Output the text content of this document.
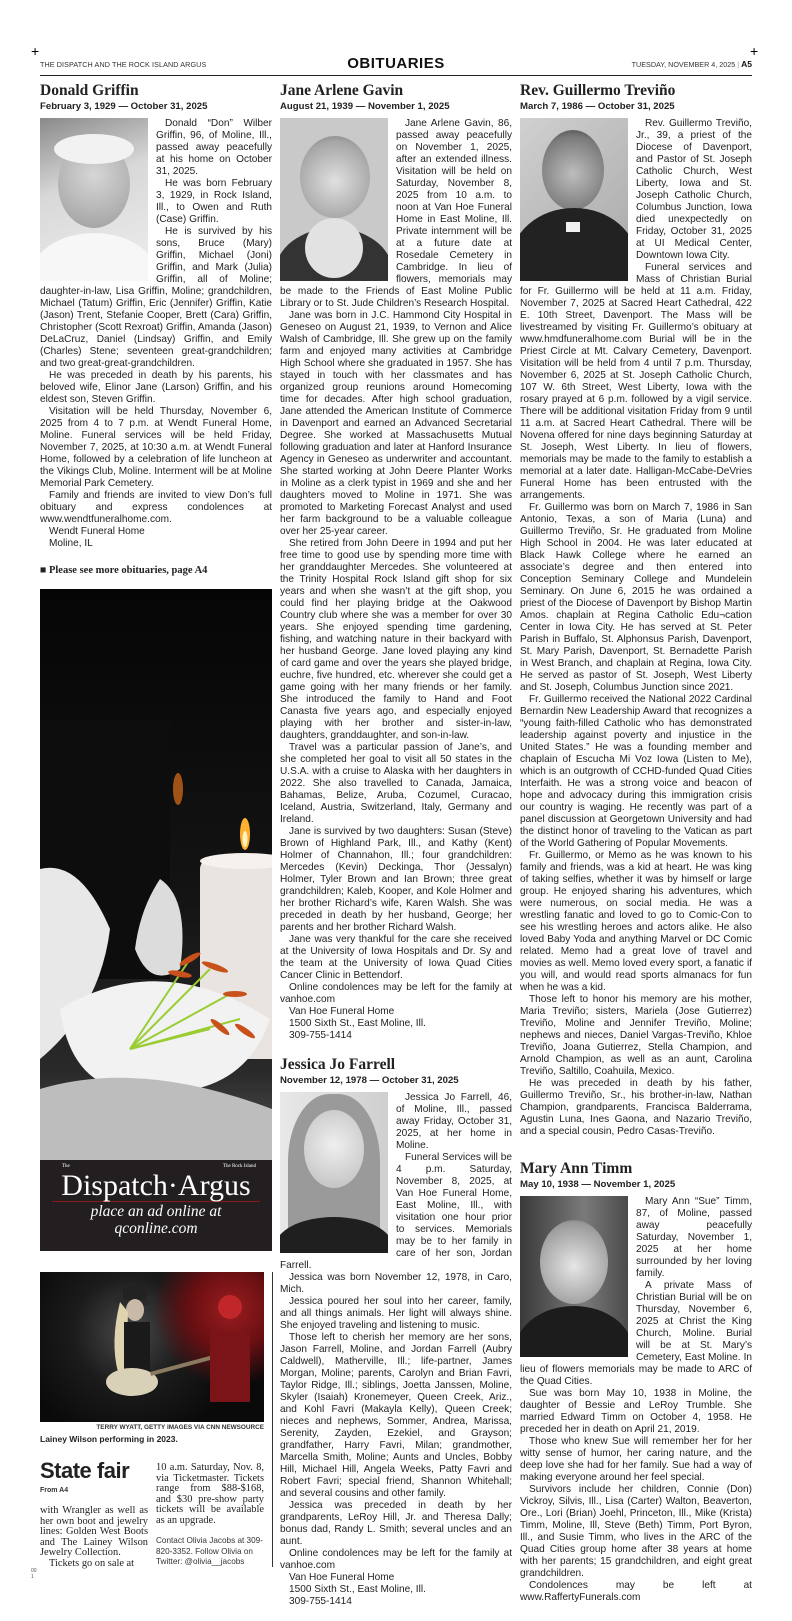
+	+
THE DISPATCH AND THE ROCK ISLAND ARGUS	OBITUARIES	TUESDAY, NOVEMBER 4, 2025 | A5
Donald Griffin
February 3, 1929 — October 31, 2025

Donald “Don” Wilber Griffin, 96, of Moline, Ill., passed away peacefully at his home on October 31, 2025.

He was born February 3, 1929, in Rock Island, Ill., to Owen and Ruth (Case) Griffin.

He is survived by his sons, Bruce (Mary) Griffin, Michael (Joni) Griffin, and Mark (Julia) Griffin, all of Moline; daughter-in-law, Lisa Griffin, Moline; grandchildren, Michael (Tatum) Griffin, Eric (Jennifer) Griffin, Katie (Jason) Trent, Stefanie Cooper, Brett (Cara) Griffin, Christopher (Scott Rexroat) Griffin, Amanda (Jason) DeLaCruz, Daniel (Lindsay) Griffin, and Emily (Charles) Stene; seventeen great-grandchildren; and two great-great-grandchildren.

He was preceded in death by his parents, his beloved wife, Elinor Jane (Larson) Griffin, and his eldest son, Steven Griffin.

Visitation will be held Thursday, November 6, 2025 from 4 to 7 p.m. at Wendt Funeral Home, Moline. Funeral services will be held Friday, November 7, 2025, at 10:30 a.m. at Wendt Funeral Home, followed by a celebration of life luncheon at the Vikings Club, Moline. Interment will be at Moline Memorial Park Cemetery.

Family and friends are invited to view Don’s full obituary and express condolences at www.wendtfuneralhome.com.

Wendt Funeral Home

Moline, IL

■ Please see more obituaries, page A4
The	The Rock Island
Dispatch·Argus
place an ad online at
qconline.com
TERRY WYATT, GETTY IMAGES VIA CNN NEWSOURCE
Lainey Wilson performing in 2023.
State fair
From A4
with Wrangler as well as her own boot and jewelry lines: Golden West Boots and The Lainey Wilson Jewelry Collection.
Tickets go on sale at
10 a.m. Saturday, Nov. 8, via Ticketmaster. Tickets range from $88-$168, and $30 pre-show party tickets will be available as an upgrade.
Contact Olivia Jacobs at 309-820-3352. Follow Olivia on Twitter: @olivia__jacobs
00
1
Jane Arlene Gavin
August 21, 1939 — November 1, 2025

Jane Arlene Gavin, 86, passed away peacefully on November 1, 2025, after an extended illness. Visitation will be held on Saturday, November 8, 2025 from 10 a.m. to noon at Van Hoe Funeral Home in East Moline, Ill. Private internment will be at a future date at Rosedale Cemetery in Cambridge. In lieu of flowers, memorials may be made to the Friends of East Moline Public Library or to St. Jude Children’s Research Hospital.

Jane was born in J.C. Hammond City Hospital in Geneseo on August 21, 1939, to Vernon and Alice Walsh of Cambridge, Ill. She grew up on the family farm and enjoyed many activities at Cambridge High School where she graduated in 1957. She has stayed in touch with her classmates and has organized group reunions around Homecoming time for decades. After high school graduation, Jane attended the American Institute of Commerce in Davenport and earned an Advanced Secretarial Degree. She worked at Massachusetts Mutual following graduation and later at Hanford Insurance Agency in Geneseo as underwriter and accountant. She started working at John Deere Planter Works in Moline as a clerk typist in 1969 and she and her daughters moved to Moline in 1971. She was promoted to Marketing Forecast Analyst and used her farm background to be a valuable colleague over her 25-year career.

She retired from John Deere in 1994 and put her free time to good use by spending more time with her granddaughter Mercedes. She volunteered at the Trinity Hospital Rock Island gift shop for six years and when she wasn’t at the gift shop, you could find her playing bridge at the Oakwood Country club where she was a member for over 30 years. She enjoyed spending time gardening, fishing, and watching nature in their backyard with her husband George. Jane loved playing any kind of card game and over the years she played bridge, euchre, five hundred, etc. wherever she could get a game going with her many friends or her family. She introduced the family to Hand and Foot Canasta five years ago, and especially enjoyed playing with her brother and sister-in-law, daughters, granddaughter, and son-in-law.

Travel was a particular passion of Jane’s, and she completed her goal to visit all 50 states in the U.S.A. with a cruise to Alaska with her daughters in 2022. She also travelled to Canada, Jamaica, Bahamas, Belize, Aruba, Cozumel, Curacao, Iceland, Austria, Switzerland, Italy, Germany and Ireland.

Jane is survived by two daughters: Susan (Steve) Brown of Highland Park, Ill., and Kathy (Kent) Holmer of Channahon, Ill.; four grandchildren: Mercedes (Kevin) Deckinga, Thor (Jessalyn) Holmer, Tyler Brown and Ian Brown; three great grandchildren; Kaleb, Kooper, and Kole Holmer and her brother Richard’s wife, Karen Walsh. She was preceded in death by her husband, George; her parents and her brother Richard Walsh.

Jane was very thankful for the care she received at the University of Iowa Hospitals and Dr. Sy and the team at the University of Iowa Quad Cities Cancer Clinic in Bettendorf.

Online condolences may be left for the family at vanhoe.com

Van Hoe Funeral Home

1500 Sixth St., East Moline, Ill.

309-755-1414

Jessica Jo Farrell
November 12, 1978 — October 31, 2025

Jessica Jo Farrell, 46, of Moline, Ill., passed away Friday, October 31, 2025, at her home in Moline.

Funeral Services will be 4 p.m. Saturday, November 8, 2025, at Van Hoe Funeral Home, East Moline, Ill., with visitation one hour prior to services. Memorials may be to her family in care of her son, Jordan Farrell.

Jessica was born November 12, 1978, in Caro, Mich.

Jessica poured her soul into her career, family, and all things animals. Her light will always shine. She enjoyed traveling and listening to music.

Those left to cherish her memory are her sons, Jason Farrell, Moline, and Jordan Farrell (Aubry Caldwell), Matherville, Ill.; life-partner, James Morgan, Moline; parents, Carolyn and Brian Favri, Taylor Ridge, Ill.; siblings, Joetta Janssen, Moline, Skyler (Isaiah) Kronemeyer, Queen Creek, Ariz., and Kohl Favri (Makayla Kelly), Queen Creek; nieces and nephews, Sommer, Andrea, Marissa, Serenity, Zayden, Ezekiel, and Grayson; grandfather, Harry Favri, Milan; grandmother, Marcella Smith, Moline; Aunts and Uncles, Bobby Hill, Michael Hill, Angela Weeks, Patty Favri and Robert Favri; special friend, Shannon Whitehall; and several cousins and other family.

Jessica was preceded in death by her grandparents, LeRoy Hill, Jr. and Theresa Dally; bonus dad, Randy L. Smith; several uncles and an aunt.

Online condolences may be left for the family at vanhoe.com

Van Hoe Funeral Home

1500 Sixth St., East Moline, Ill.

309-755-1414

Rev. Guillermo Treviño
March 7, 1986 — October 31, 2025

Rev. Guillermo Treviño, Jr., 39, a priest of the Diocese of Davenport, and Pastor of St. Joseph Catholic Church, West Liberty, Iowa and St. Joseph Catholic Church, Columbus Junction, Iowa died unexpectedly on Friday, October 31, 2025 at UI Medical Center, Downtown Iowa City.

Funeral services and Mass of Christian Burial for Fr. Guillermo will be held at 11 a.m. Friday, November 7, 2025 at Sacred Heart Cathedral, 422 E. 10th Street, Davenport. The Mass will be livestreamed by visiting Fr. Guillermo’s obituary at www.hmdfuneralhome.com Burial will be in the Priest Circle at Mt. Calvary Cemetery, Davenport. Visitation will be held from 4 until 7 p.m. Thursday, November 6, 2025 at St. Joseph Catholic Church, 107 W. 6th Street, West Liberty, Iowa with the rosary prayed at 6 p.m. followed by a vigil service. There will be additional visitation Friday from 9 until 11 a.m. at Sacred Heart Cathedral. There will be Novena offered for nine days beginning Saturday at St. Joseph, West Liberty. In lieu of flowers, memorials may be made to the family to establish a memorial at a later date. Halligan-McCabe-DeVries Funeral Home has been entrusted with the arrangements.

Fr. Guillermo was born on March 7, 1986 in San Antonio, Texas, a son of Maria (Luna) and Guillermo Treviño, Sr. He graduated from Moline High School in 2004. He was later educated at Black Hawk College where he earned an associate’s degree and then entered into Conception Seminary College and Mundelein Seminary. On June 6, 2015 he was ordained a priest of the Diocese of Davenport by Bishop Martin Amos. chaplain at Regina Catholic Edu¬cation Center in Iowa City. He has served at St. Peter Parish in Buffalo, St. Alphonsus Parish, Davenport, St. Mary Parish, Davenport, St. Bernadette Parish in West Branch, and chaplain at Regina, Iowa City. He served as pastor of St. Joseph, West Liberty and St. Joseph, Columbus Junction since 2021.

Fr. Guillermo received the National 2022 Cardinal Bernardin New Leadership Award that recognizes a “young faith-filled Catholic who has demonstrated leadership against poverty and injustice in the United States.” He was a founding member and chaplain of Escucha Mi Voz Iowa (Listen to Me), which is an outgrowth of CCHD-funded Quad Cities Interfaith. He was a strong voice and beacon of hope and advocacy during this immigration crisis our country is waging. He recently was part of a panel discussion at Georgetown University and had the distinct honor of traveling to the Vatican as part of the World Gathering of Popular Movements.

Fr. Guillermo, or Memo as he was known to his family and friends, was a kid at heart. He was king of taking selfies, whether it was by himself or large group. He enjoyed sharing his adventures, which were numerous, on social media. He was a wrestling fanatic and loved to go to Comic-Con to see his wrestling heroes and actors alike. He also loved Baby Yoda and anything Marvel or DC Comic related. Memo had a great love of travel and movies as well. Memo loved every sport, a fanatic if you will, and would read sports almanacs for fun when he was a kid.

Those left to honor his memory are his mother, Maria Treviño; sisters, Mariela (Jose Gutierrez) Treviño, Moline and Jennifer Treviño, Moline; nephews and nieces, Daniel Vargas-Treviño, Khloe Treviño, Joana Gutierrez, Stella Champion, and Arnold Champion, as well as an aunt, Carolina Treviño, Saltillo, Coahuila, Mexico.

He was preceded in death by his father, Guillermo Treviño, Sr., his brother-in-law, Nathan Champion, grandparents, Francisca Balderrama, Agustin Luna, Ines Gaona, and Nazario Treviño, and a special cousin, Pedro Casas-Treviño.

Mary Ann Timm
May 10, 1938 — November 1, 2025

Mary Ann “Sue” Timm, 87, of Moline, passed away peacefully Saturday, November 1, 2025 at her home surrounded by her loving family.

A private Mass of Christian Burial will be on Thursday, November 6, 2025 at Christ the King Church, Moline. Burial will be at St. Mary’s Cemetery, East Moline. In lieu of flowers memorials may be made to ARC of the Quad Cities.

Sue was born May 10, 1938 in Moline, the daughter of Bessie and LeRoy Trumble. She married Edward Timm on October 4, 1958. He preceded her in death on April 21, 2019.

Those who knew Sue will remember her for her witty sense of humor, her caring nature, and the deep love she had for her family. Sue had a way of making everyone around her feel special.

Survivors include her children, Connie (Don) Vickroy, Silvis, Ill., Lisa (Carter) Walton, Beaverton, Ore., Lori (Brian) Joehl, Princeton, Ill., Mike (Krista) Timm, Moline, Ill, Steve (Beth) Timm, Port Byron, Ill., and Susie Timm, who lives in the ARC of the Quad Cities group home after 38 years at home with her parents; 15 grandchildren, and eight great grandchildren.

Condolences may be left at www.RaffertyFunerals.com
